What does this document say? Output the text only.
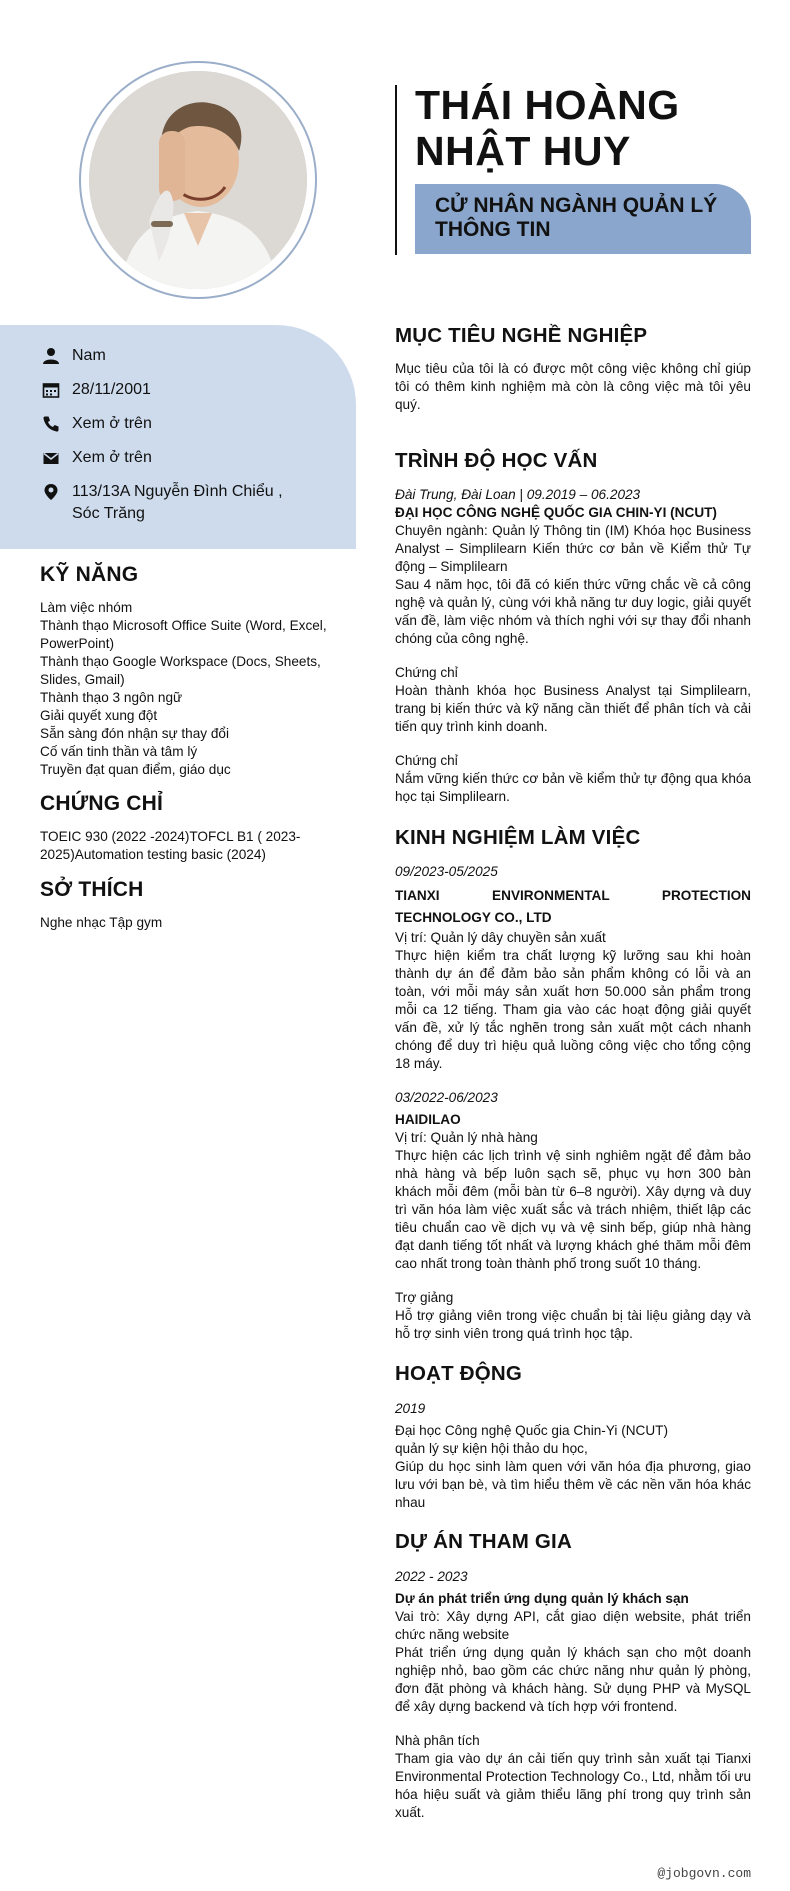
Nam
28/11/2001
Xem ở trên
Xem ở trên
113/13A Nguyễn Đình Chiểu ,
Sóc Trăng
KỸ NĂNG
Làm việc nhóm
Thành thạo Microsoft Office Suite (Word, Excel, PowerPoint)
Thành thạo Google Workspace (Docs, Sheets, Slides, Gmail)
Thành thạo 3 ngôn ngữ
Giải quyết xung đột
Sẵn sàng đón nhận sự thay đổi
Cố vấn tinh thần và tâm lý
Truyền đạt quan điểm, giáo dục
CHỨNG CHỈ
TOEIC 930 (2022 -2024)TOFCL B1 ( 2023-2025)Automation testing basic (2024)
SỞ THÍCH
Nghe nhạc Tập gym
THÁI HOÀNG
NHẬT HUY
CỬ NHÂN NGÀNH QUẢN LÝ
THÔNG TIN
MỤC TIÊU NGHỀ NGHIỆP

Mục tiêu của tôi là có được một công việc không chỉ giúp tôi có thêm kinh nghiệm mà còn là công việc mà tôi yêu quý.

TRÌNH ĐỘ HỌC VẤN

Đài Trung, Đài Loan | 09.2019 – 06.2023

ĐẠI HỌC CÔNG NGHỆ QUỐC GIA CHIN-YI (NCUT)

Chuyên ngành: Quản lý Thông tin (IM) Khóa học Business Analyst – Simplilearn Kiến thức cơ bản về Kiểm thử Tự động – Simplilearn

Sau 4 năm học, tôi đã có kiến thức vững chắc về cả công nghệ và quản lý, cùng với khả năng tư duy logic, giải quyết vấn đề, làm việc nhóm và thích nghi với sự thay đổi nhanh chóng của công nghệ.

Chứng chỉ

Hoàn thành khóa học Business Analyst tại Simplilearn, trang bị kiến thức và kỹ năng cần thiết để phân tích và cải tiến quy trình kinh doanh.

Chứng chỉ

Nắm vững kiến thức cơ bản về kiểm thử tự động qua khóa học tại Simplilearn.

KINH NGHIỆM LÀM VIỆC

09/2023-05/2025

TIANXI ENVIRONMENTAL PROTECTION TECHNOLOGY CO., LTD

Vị trí: Quản lý dây chuyền sản xuất

Thực hiện kiểm tra chất lượng kỹ lưỡng sau khi hoàn thành dự án để đảm bảo sản phẩm không có lỗi và an toàn, với mỗi máy sản xuất hơn 50.000 sản phẩm trong mỗi ca 12 tiếng. Tham gia vào các hoạt động giải quyết vấn đề, xử lý tắc nghẽn trong sản xuất một cách nhanh chóng để duy trì hiệu quả luồng công việc cho tổng cộng 18 máy.

03/2022-06/2023

HAIDILAO

Vị trí: Quản lý nhà hàng

Thực hiện các lịch trình vệ sinh nghiêm ngặt để đảm bảo nhà hàng và bếp luôn sạch sẽ, phục vụ hơn 300 bàn khách mỗi đêm (mỗi bàn từ 6–8 người). Xây dựng và duy trì văn hóa làm việc xuất sắc và trách nhiệm, thiết lập các tiêu chuẩn cao về dịch vụ và vệ sinh bếp, giúp nhà hàng đạt danh tiếng tốt nhất và lượng khách ghé thăm mỗi đêm cao nhất trong toàn thành phố trong suốt 10 tháng.

Trợ giảng

Hỗ trợ giảng viên trong việc chuẩn bị tài liệu giảng dạy và hỗ trợ sinh viên trong quá trình học tập.

HOẠT ĐỘNG

2019

Đại học Công nghệ Quốc gia Chin-Yi (NCUT)

quản lý sự kiện hội thảo du học,

Giúp du học sinh làm quen với văn hóa địa phương, giao lưu với bạn bè, và tìm hiểu thêm về các nền văn hóa khác nhau

DỰ ÁN THAM GIA

2022 - 2023

Dự án phát triển ứng dụng quản lý khách sạn

Vai trò: Xây dựng API, cắt giao diện website, phát triển chức năng website

Phát triển ứng dụng quản lý khách sạn cho một doanh nghiệp nhỏ, bao gồm các chức năng như quản lý phòng, đơn đặt phòng và khách hàng. Sử dụng PHP và MySQL để xây dựng backend và tích hợp với frontend.

Nhà phân tích

Tham gia vào dự án cải tiến quy trình sản xuất tại Tianxi Environmental Protection Technology Co., Ltd, nhằm tối ưu hóa hiệu suất và giảm thiểu lãng phí trong quy trình sản xuất.

@jobgovn.com
